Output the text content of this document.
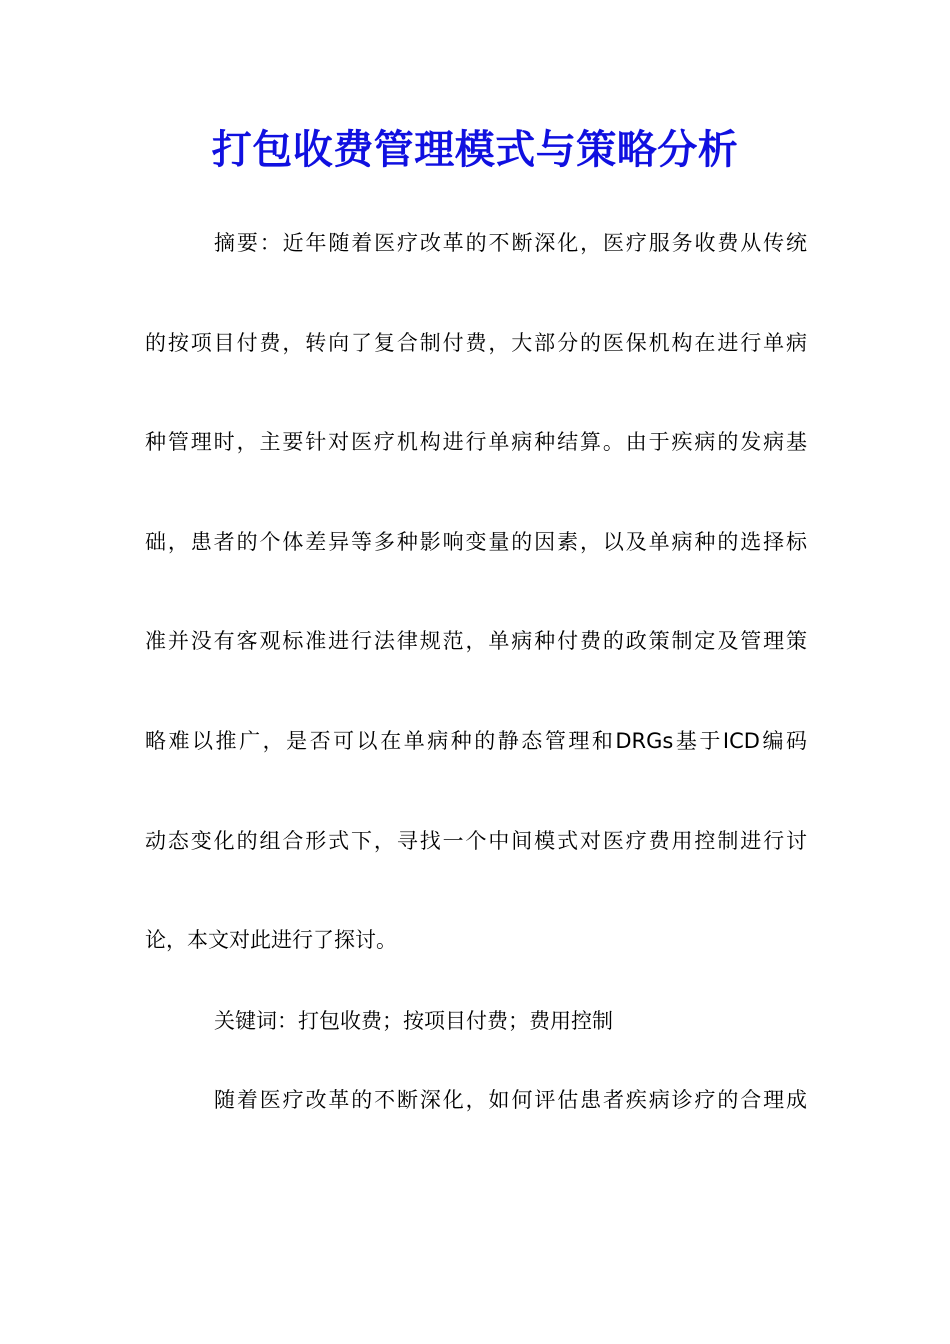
打包收费管理模式与策略分析
摘要：近年随着医疗改革的不断深化，医疗服务收费从传统
的按项目付费，转向了复合制付费，大部分的医保机构在进行单病
种管理时，主要针对医疗机构进行单病种结算。由于疾病的发病基
础，患者的个体差异等多种影响变量的因素，以及单病种的选择标
准并没有客观标准进行法律规范，单病种付费的政策制定及管理策
略难以推广，是否可以在单病种的静态管理和DRGs基于ICD编码
动态变化的组合形式下，寻找一个中间模式对医疗费用控制进行讨
论，本文对此进行了探讨。
关键词：打包收费；按项目付费；费用控制
随着医疗改革的不断深化，如何评估患者疾病诊疗的合理成
